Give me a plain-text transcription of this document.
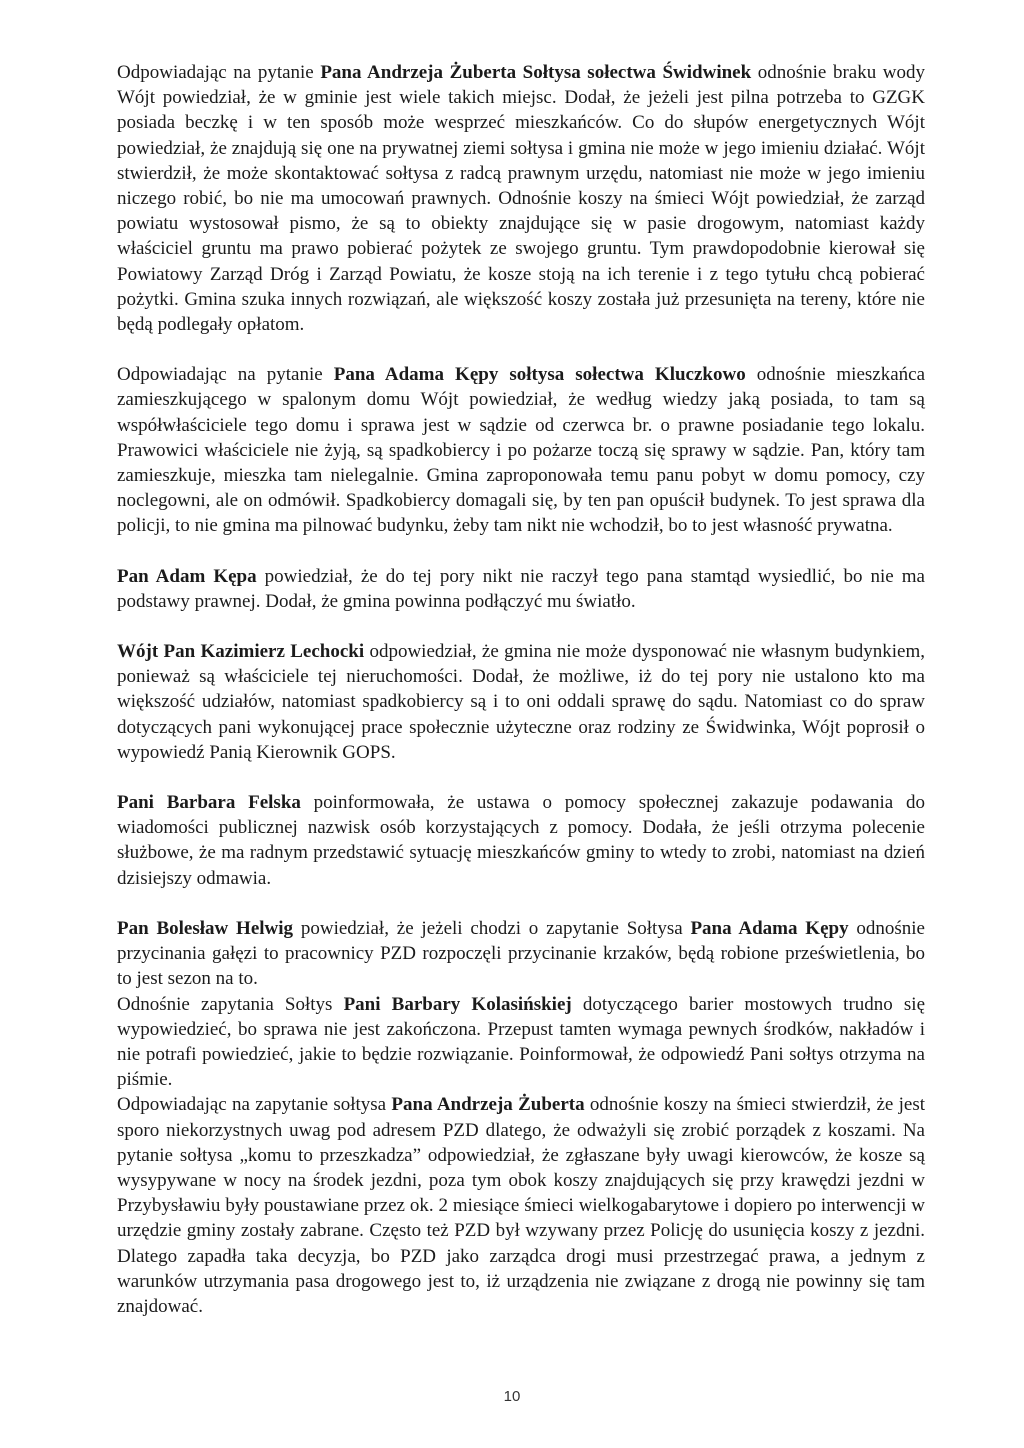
Odpowiadając na pytanie Pana Andrzeja Żuberta Sołtysa sołectwa Świdwinek odnośnie braku wody Wójt powiedział, że w gminie jest wiele takich miejsc. Dodał, że jeżeli jest pilna potrzeba to GZGK posiada beczkę i w ten sposób może wesprzeć mieszkańców. Co do słupów energetycznych Wójt powiedział, że znajdują się one na prywatnej ziemi sołtysa i gmina nie może w jego imieniu działać. Wójt stwierdził, że może skontaktować sołtysa z radcą prawnym urzędu, natomiast nie może w jego imieniu niczego robić, bo nie ma umocowań prawnych. Odnośnie koszy na śmieci Wójt powiedział, że zarząd powiatu wystosował pismo, że są to obiekty znajdujące się w pasie drogowym, natomiast każdy właściciel gruntu ma prawo pobierać pożytek ze swojego gruntu. Tym prawdopodobnie kierował się Powiatowy Zarząd Dróg i Zarząd Powiatu, że kosze stoją na ich terenie i z tego tytułu chcą pobierać pożytki. Gmina szuka innych rozwiązań, ale większość koszy została już przesunięta na tereny, które nie będą podlegały opłatom.

Odpowiadając na pytanie Pana Adama Kępy sołtysa sołectwa Kluczkowo odnośnie mieszkańca zamieszkującego w spalonym domu Wójt powiedział, że według wiedzy jaką posiada, to tam są współwłaściciele tego domu i sprawa jest w sądzie od czerwca br. o prawne posiadanie tego lokalu. Prawowici właściciele nie żyją, są spadkobiercy i po pożarze toczą się sprawy w sądzie. Pan, który tam zamieszkuje, mieszka tam nielegalnie. Gmina zaproponowała temu panu pobyt w domu pomocy, czy noclegowni, ale on odmówił. Spadkobiercy domagali się, by ten pan opuścił budynek. To jest sprawa dla policji, to nie gmina ma pilnować budynku, żeby tam nikt nie wchodził, bo to jest własność prywatna.

Pan Adam Kępa powiedział, że do tej pory nikt nie raczył tego pana stamtąd wysiedlić, bo nie ma podstawy prawnej. Dodał, że gmina powinna podłączyć mu światło.

Wójt Pan Kazimierz Lechocki odpowiedział, że gmina nie może dysponować nie własnym budynkiem, ponieważ są właściciele tej nieruchomości. Dodał, że możliwe, iż do tej pory nie ustalono kto ma większość udziałów, natomiast spadkobiercy są i to oni oddali sprawę do sądu. Natomiast co do spraw dotyczących pani wykonującej prace społecznie użyteczne oraz rodziny ze Świdwinka, Wójt poprosił o wypowiedź Panią Kierownik GOPS.

Pani Barbara Felska poinformowała, że ustawa o pomocy społecznej zakazuje podawania do wiadomości publicznej nazwisk osób korzystających z pomocy. Dodała, że jeśli otrzyma polecenie służbowe, że ma radnym przedstawić sytuację mieszkańców gminy to wtedy to zrobi, natomiast na dzień dzisiejszy odmawia.

Pan Bolesław Helwig powiedział, że jeżeli chodzi o zapytanie Sołtysa Pana Adama Kępy odnośnie przycinania gałęzi to pracownicy PZD rozpoczęli przycinanie krzaków, będą robione prześwietlenia, bo to jest sezon na to.

Odnośnie zapytania Sołtys Pani Barbary Kolasińskiej dotyczącego barier mostowych trudno się wypowiedzieć, bo sprawa nie jest zakończona. Przepust tamten wymaga pewnych środków, nakładów i nie potrafi powiedzieć, jakie to będzie rozwiązanie. Poinformował, że odpowiedź Pani sołtys otrzyma na piśmie.

Odpowiadając na zapytanie sołtysa Pana Andrzeja Żuberta odnośnie koszy na śmieci stwierdził, że jest sporo niekorzystnych uwag pod adresem PZD dlatego, że odważyli się zrobić porządek z koszami. Na pytanie sołtysa „komu to przeszkadza” odpowiedział, że zgłaszane były uwagi kierowców, że kosze są wysypywane w nocy na środek jezdni, poza tym obok koszy znajdujących się przy krawędzi jezdni w Przybysławiu były poustawiane przez ok. 2 miesiące śmieci wielkogabarytowe i dopiero po interwencji w urzędzie gminy zostały zabrane. Często też PZD był wzywany przez Policję do usunięcia koszy z jezdni. Dlatego zapadła taka decyzja, bo PZD jako zarządca drogi musi przestrzegać prawa, a jednym z warunków utrzymania pasa drogowego jest to, iż urządzenia nie związane z drogą nie powinny się tam znajdować.

10
